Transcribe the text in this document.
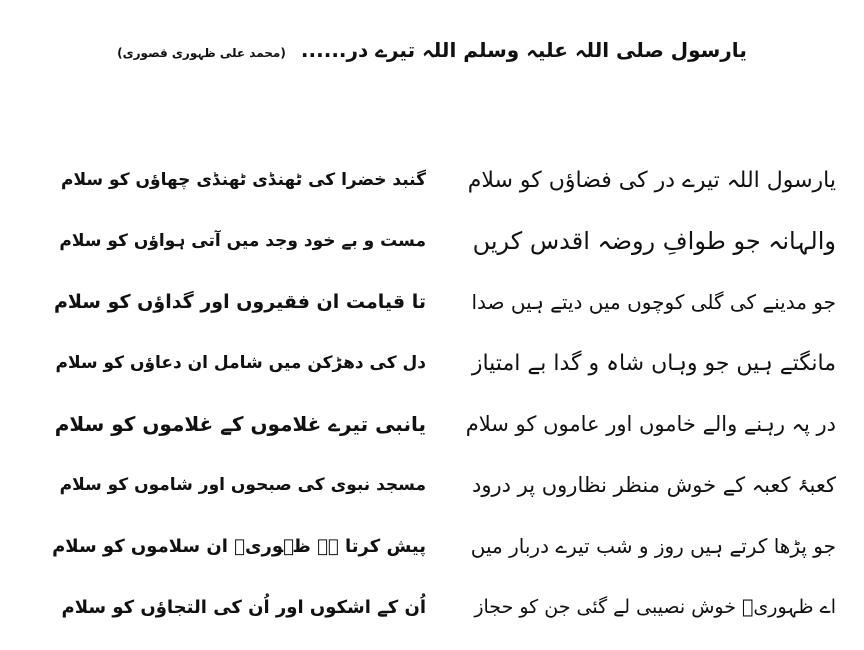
یارسول صلی اللہ علیہ وسلم اللہ تیرے در...... (محمد علی ظہوری قصوری)
یارسول اللہ تیرے در کی فضاؤں کو سلام
والہانہ جو طوافِ روضہ اقدس کریں
جو مدینے کی گلی کوچوں میں دیتے ہیں صدا
مانگتے ہیں جو وہاں شاہ و گدا بے امتیاز
در پہ رہنے والے خاموں اور عاموں کو سلام
کعبۂ کعبہ کے خوش منظر نظاروں پر درود
جو پڑھا کرتے ہیں روز و شب تیرے دربار میں
اے ظہوریؔ خوش نصیبی لے گئی جن کو حجاز
گنبد خضرا کی ٹھنڈی ٹھنڈی چھاؤں کو سلام
مست و بے خود وجد میں آتی ہواؤں کو سلام
تا قیامت ان فقیروں اور گداؤں کو سلام
دل کی دھڑکن میں شامل ان دعاؤں کو سلام
یانبی تیرے غلاموں کے غلاموں کو سلام
مسجد نبوی کی صبحوں اور شاموں کو سلام
پیش کرتا ہے ظہوریؔ ان سلاموں کو سلام
اُن کے اشکوں اور اُن کی التجاؤں کو سلام
